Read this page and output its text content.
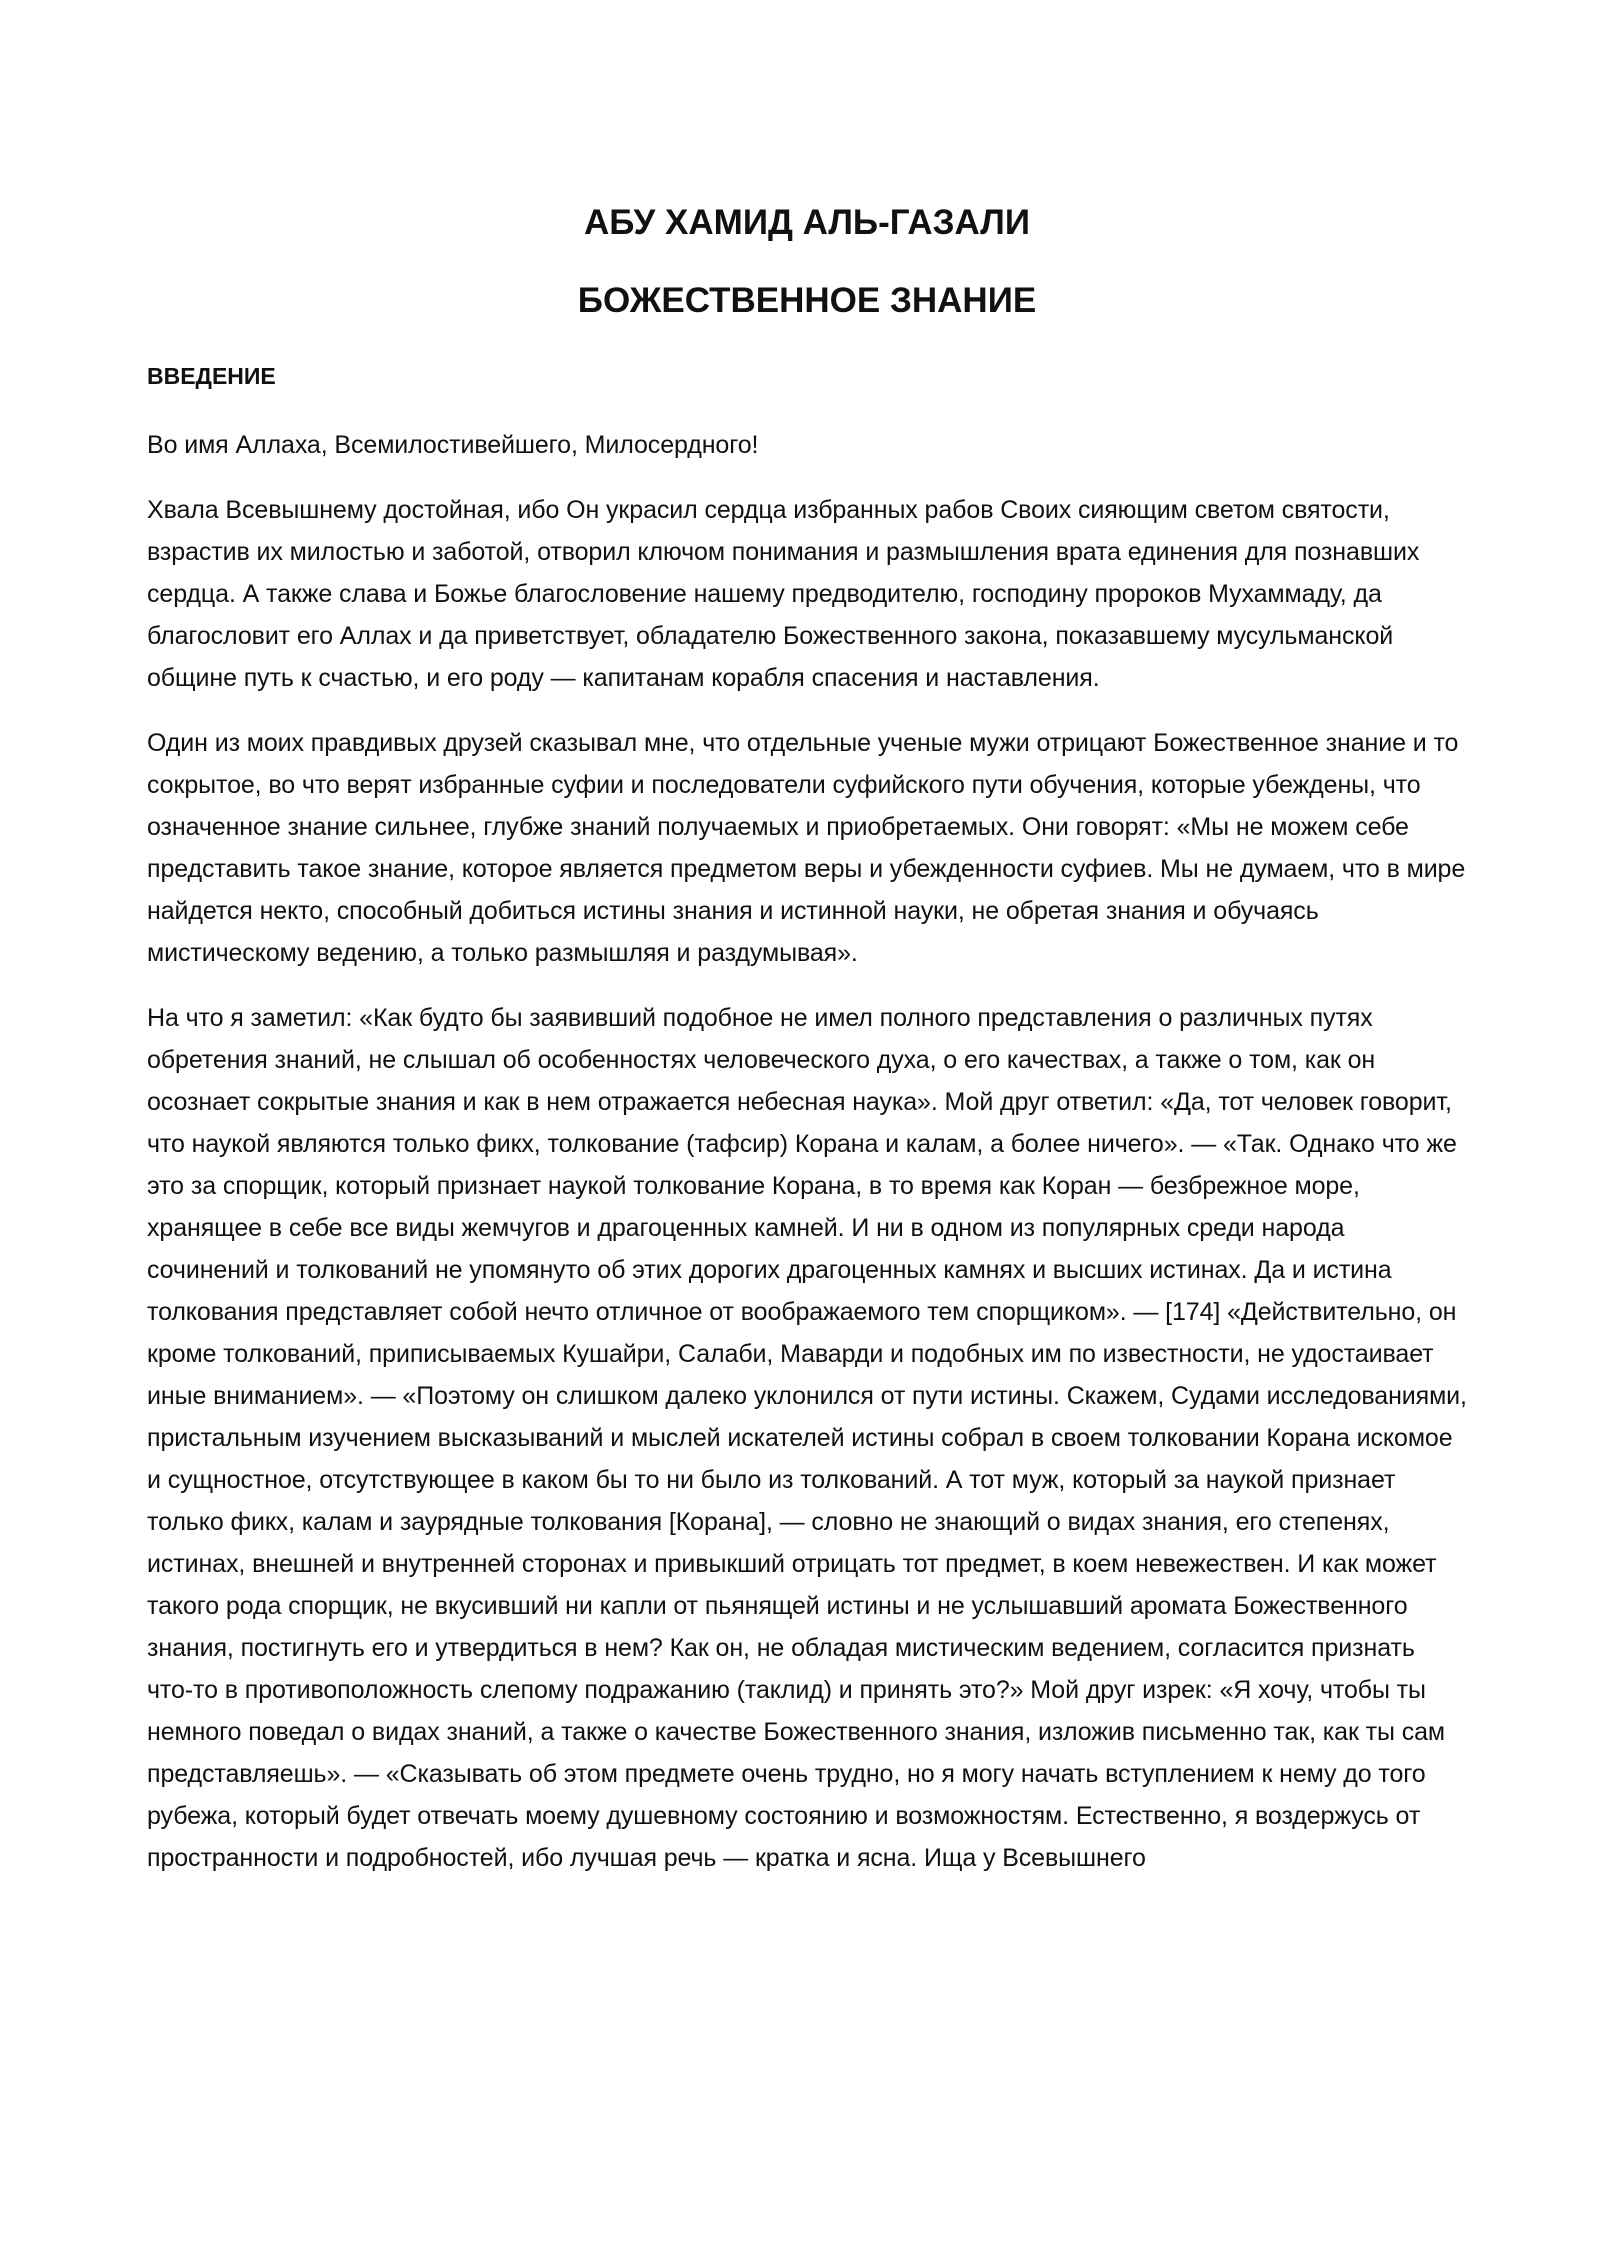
АБУ ХАМИД АЛЬ-ГАЗАЛИ
БОЖЕСТВЕННОЕ ЗНАНИЕ
ВВЕДЕНИЕ

Во имя Аллаха, Всемилостивейшего, Милосердного!

Хвала Всевышнему достойная, ибо Он украсил сердца избранных рабов Своих сияющим светом святости, взрастив их милостью и заботой, отворил ключом понимания и размышления врата единения для познавших сердца. А также слава и Божье благословение нашему предводителю, господину пророков Мухаммаду, да благословит его Аллах и да приветствует, обладателю Божественного закона, показавшему мусульманской общине путь к счастью, и его роду — капитанам корабля спасения и наставления.

Один из моих правдивых друзей сказывал мне, что отдельные ученые мужи отрицают Божественное знание и то сокрытое, во что верят избранные суфии и последователи суфийского пути обучения, которые убеждены, что означенное знание сильнее, глубже знаний получаемых и приобретаемых. Они говорят: «Мы не можем себе представить такое знание, которое является предметом веры и убежденности суфиев. Мы не думаем, что в мире найдется некто, способный добиться истины знания и истинной науки, не обретая знания и обучаясь мистическому ведению, а только размышляя и раздумывая».

На что я заметил: «Как будто бы заявивший подобное не имел полного представления о различных путях обретения знаний, не слышал об особенностях человеческого духа, о его качествах, а также о том, как он осознает сокрытые знания и как в нем отражается небесная наука». Мой друг ответил: «Да, тот человек говорит, что наукой являются только фикх, толкование (тафсир) Корана и калам, а более ничего». — «Так. Однако что же это за спорщик, который признает наукой толкование Корана, в то время как Коран — безбрежное море, хранящее в себе все виды жемчугов и драгоценных камней. И ни в одном из популярных среди народа сочинений и толкований не упомянуто об этих дорогих драгоценных камнях и высших истинах. Да и истина толкования представляет собой нечто отличное от воображаемого тем спорщиком». — [174] «Действительно, он кроме толкований, приписываемых Кушайри, Салаби, Маварди и подобных им по известности, не удостаивает иные вниманием». — «Поэтому он слишком далеко уклонился от пути истины. Скажем, Судами исследованиями, пристальным изучением высказываний и мыслей искателей истины собрал в своем толковании Корана искомое и сущностное, отсутствующее в каком бы то ни было из толкований. А тот муж, который за наукой признает только фикх, калам и заурядные толкования [Корана], — словно не знающий о видах знания, его степенях, истинах, внешней и внутренней сторонах и привыкший отрицать тот предмет, в коем невежествен. И как может такого рода спорщик, не вкусивший ни капли от пьянящей истины и не услышавший аромата Божественного знания, постигнуть его и утвердиться в нем? Как он, не обладая мистическим ведением, согласится признать что-то в противоположность слепому подражанию (таклид) и принять это?» Мой друг изрек: «Я хочу, чтобы ты немного поведал о видах знаний, а также о качестве Божественного знания, изложив письменно так, как ты сам представляешь». — «Сказывать об этом предмете очень трудно, но я могу начать вступлением к нему до того рубежа, который будет отвечать моему душевному состоянию и возможностям. Естественно, я воздержусь от пространности и подробностей, ибо лучшая речь — кратка и ясна. Ища у Всевышнего
